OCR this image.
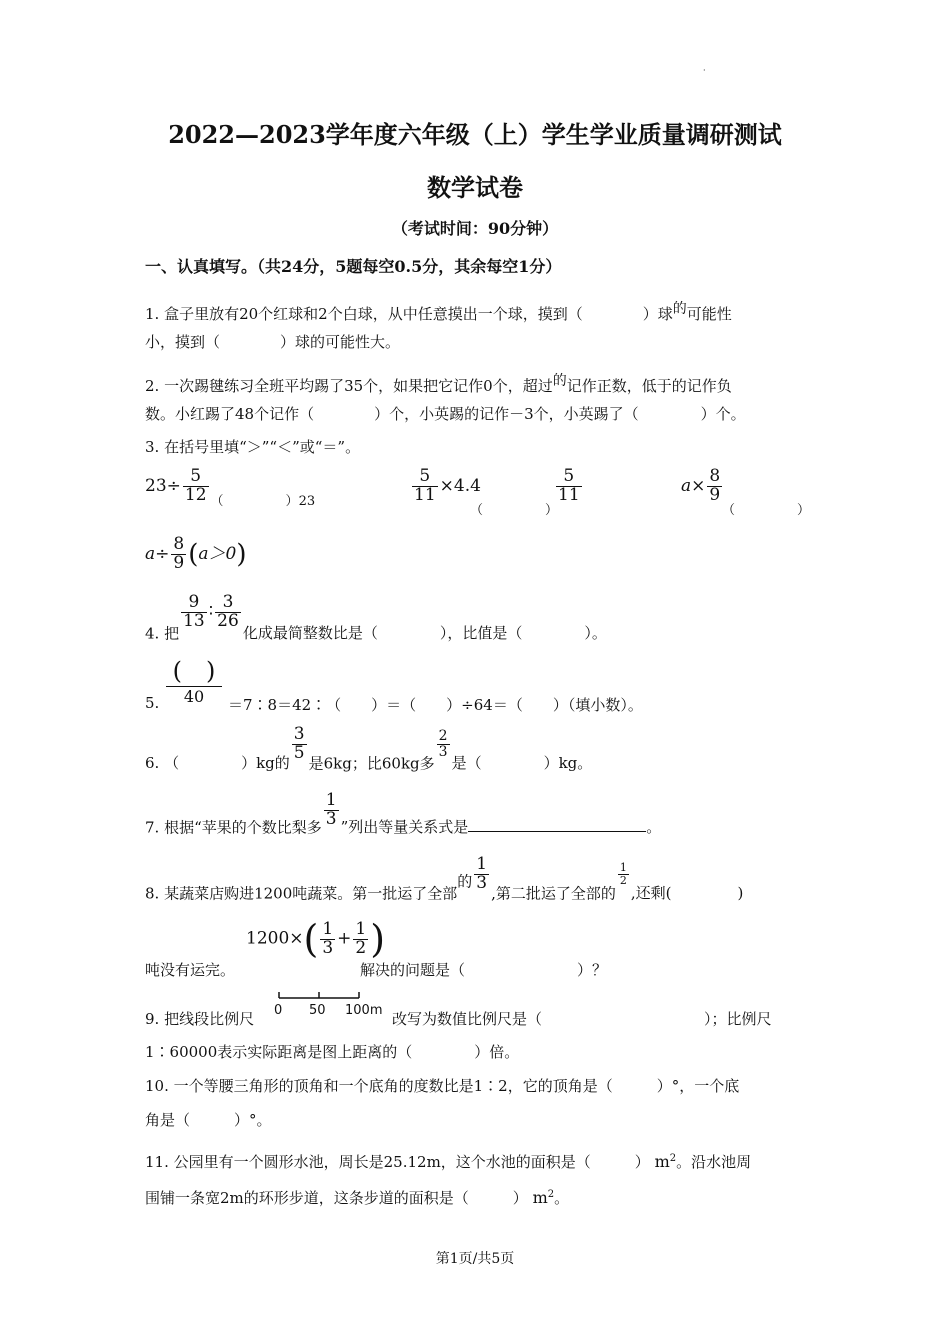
·
2022—2023学年度六年级（上）学生学业质量调研测试
数学试卷
（考试时间：90分钟）
一、认真填写。（共24分，5题每空0.5分，其余每空1分）
1. 盒子里放有20个红球和2个白球，从中任意摸出一个球，摸到（	）球$^的$可能性
小，摸到（	）球的可能性大。
2. 一次踢毽练习全班平均踢了35个，如果把它记作0个，超过$^的$记作正数，低于的记作负
数。小红踢了48个记作（	）个，小英踢的记作－3个，小英踢了（	）个。
3. 在括号里填“＞”“＜”或“＝”。
$23\div \frac{5}{12} _{( )23}$	$\frac{5}{11} \times 4.4$
（	）
$\frac{5}{11}$	$a\times \frac{8}{9}$
（	）
$a\div \frac{8}{9} (a>0)$
4. 把
$\frac{9}{13}$ ∶ $\frac{3}{26}$
化成最简整数比是（	），比值是（	）。
5.
( )
40	＝7∶8＝42∶（　　）＝（　　）÷64＝（　　）（填小数）。
6. （	）kg的
$\frac{3}{5}$
是6kg；比60kg多
$\frac{2}{3}$
是（	）kg。
7. 根据“苹果的个数比梨多 $\frac{1}{3}$ ”列出等量关系式是	。
8. 某蔬菜店购进1200吨蔬菜。第一批运了全部的 $\frac{1}{3}$
,第二批运了全部的
$\frac{1}{2}$
,还剩(	)
吨没有运完。
$1200\times( \frac{1}{3} + \frac{1}{2}$ )
解决的问题是（	）？
9. 把线段比例尺 0 50 100m 改写为数值比例尺是（	）；比例尺
1∶60000表示实际距离是图上距离的（	）倍。
10. 一个等腰三角形的顶角和一个底角的度数比是1∶2，它的顶角是（	）°，一个底
角是（	）°。
11. 公园里有一个圆形水池，周长是25.12m，这个水池的面积是（	） $m^2$。沿水池周
围铺一条宽2m的环形步道，这条步道的面积是（	） $m^2$。
第1页/共5页
